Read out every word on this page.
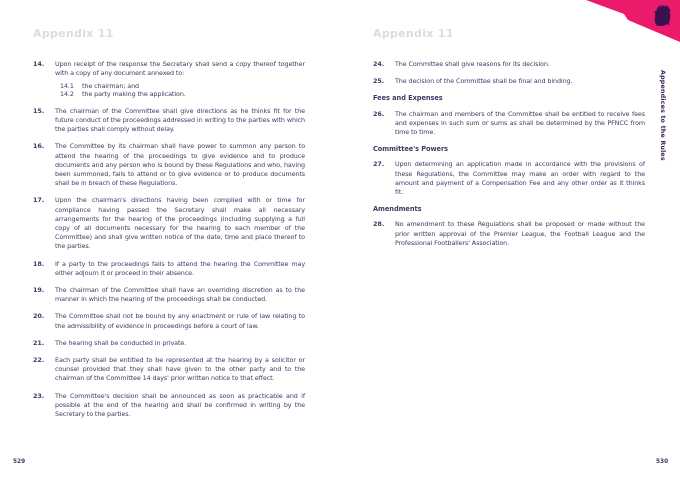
Appendices to the Rules
Appendix 11
14.	Upon receipt of the response the Secretary shall send a copy thereof together with a copy of any document annexed to:
14.1	the chairman; and
14.2	the party making the application.
15.	The chairman of the Committee shall give directions as he thinks fit for the future conduct of the proceedings addressed in writing to the parties with which the parties shall comply without delay.
16.	The Committee by its chairman shall have power to summon any person to attend the hearing of the proceedings to give evidence and to produce documents and any person who is bound by these Regulations and who, having been summoned, fails to attend or to give evidence or to produce documents shall be in breach of these Regulations.
17.	Upon the chairman's directions having been complied with or time for compliance having passed the Secretary shall make all necessary arrangements for the hearing of the proceedings (including supplying a full copy of all documents necessary for the hearing to each member of the Committee) and shall give written notice of the date, time and place thereof to the parties.
18.	If a party to the proceedings fails to attend the hearing the Committee may either adjourn it or proceed in their absence.
19.	The chairman of the Committee shall have an overriding discretion as to the manner in which the hearing of the proceedings shall be conducted.
20.	The Committee shall not be bound by any enactment or rule of law relating to the admissibility of evidence in proceedings before a court of law.
21.	The hearing shall be conducted in private.
22.	Each party shall be entitled to be represented at the hearing by a solicitor or counsel provided that they shall have given to the other party and to the chairman of the Committee 14 days' prior written notice to that effect.
23.	The Committee's decision shall be announced as soon as practicable and if possible at the end of the hearing and shall be confirmed in writing by the Secretary to the parties.
Appendix 11
24.	The Committee shall give reasons for its decision.
25.	The decision of the Committee shall be final and binding.
Fees and Expenses
26.	The chairman and members of the Committee shall be entitled to receive fees and expenses in such sum or sums as shall be determined by the PFNCC from time to time.
Committee's Powers
27.	Upon determining an application made in accordance with the provisions of these Regulations, the Committee may make an order with regard to the amount and payment of a Compensation Fee and any other order as it thinks fit.
Amendments
28.	No amendment to these Regulations shall be proposed or made without the prior written approval of the Premier League, the Football League and the Professional Footballers' Association.
529	530
